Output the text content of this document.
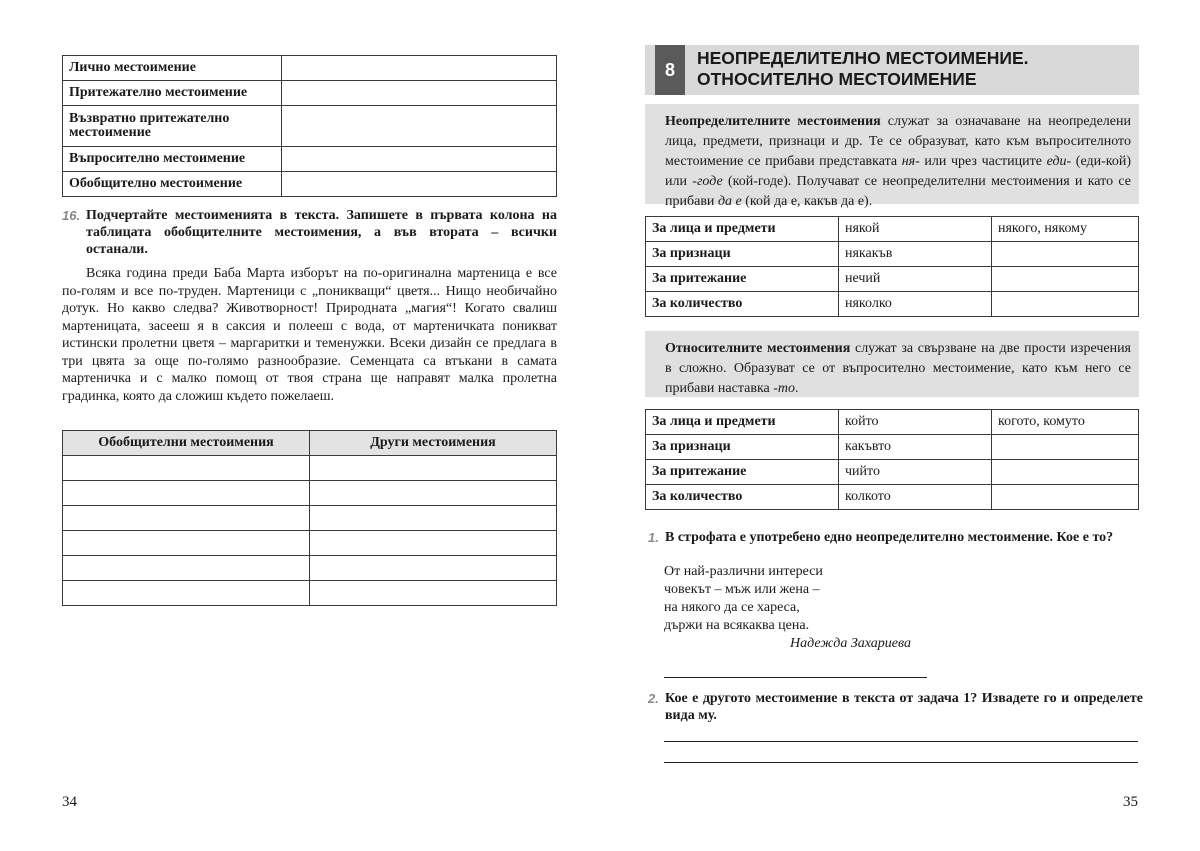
Лично местоимение	
Притежателно местоимение	
Възвратно притежателно местоимение	
Въпросително местоимение	
Обобщително местоимение	
16. Подчертайте местоименията в текста. Запишете в първата колона на таблицата обобщителните местоимения, а във втората – всички останали.
Всяка година преди Баба Марта изборът на по-оригинална мартеница е все по-голям и все по-труден. Мартеници с „поникващи“ цветя... Нищо необичайно дотук. Но какво следва? Животворност! Природната „магия“! Когато свалиш мартеницата, засееш я в саксия и полееш с вода, от мартеничката поникват истински пролетни цветя – маргаритки и теменужки. Всеки дизайн се предлага в три цвята за още по-голямо разнообразие. Семенцата са втъкани в самата мартеничка и с малко помощ от твоя страна ще направят малка пролетна градинка, която да сложиш където пожелаеш.
Обобщителни местоимения	Други местоимения

34
8
НЕОПРЕДЕЛИТЕЛНО МЕСТОИМЕНИЕ.
ОТНОСИТЕЛНО МЕСТОИМЕНИЕ
Неопределителните местоимения служат за означаване на неопределени лица, предмети, признаци и др. Те се образуват, като към въпросителното местоимение се прибави представката ня- или чрез частиците еди- (еди-кой) или -годе (кой-годе). Получават се неопределителни местоимения и като се прибави да е (кой да е, какъв да е).
За лица и предмети	някой	някого, някому
За признаци	някакъв	
За притежание	нечий	
За количество	няколко	
Относителните местоимения служат за свързване на две прости изречения в сложно. Образуват се от въпросително местоимение, като към него се прибави наставка -то.
За лица и предмети	който	когото, комуто
За признаци	какъвто	
За притежание	чийто	
За количество	колкото	
1. В строфата е употребено едно неопределително местоимение. Кое е то?
От най-различни интереси
човекът – мъж или жена –
на някого да се хареса,
държи на всякаква цена.
Надежда Захариева
2. Кое е другото местоимение в текста от задача 1? Извадете го и определете вида му.
35
